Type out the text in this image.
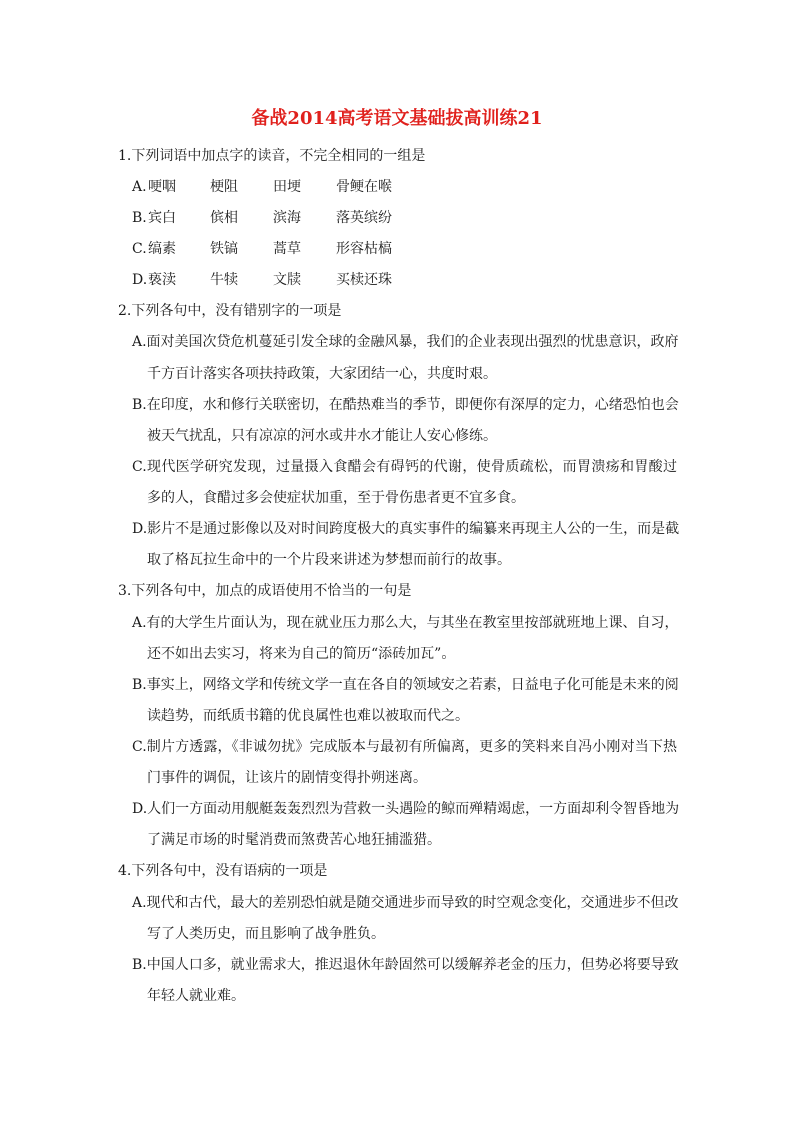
备战2014高考语文基础拔高训练21
1.下列词语中加点字的读音，不完全相同的一组是
A. 哽咽 梗阻	田埂	骨鲠在喉
B. 宾白 傧相	滨海	落英缤纷
C. 缟素 铁镐	蒿草	形容枯槁
D. 亵渎 牛犊	文牍	买椟还珠
2.下列各句中，没有错别字的一项是
A.面对美国次贷危机蔓延引发全球的金融风暴，我们的企业表现出强烈的忧患意识，政府
千方百计落实各项扶持政策，大家团结一心，共度时艰。
B.在印度，水和修行关联密切，在酷热难当的季节，即便你有深厚的定力，心绪恐怕也会
被天气扰乱，只有凉凉的河水或井水才能让人安心修练。
C.现代医学研究发现，过量摄入食醋会有碍钙的代谢，使骨质疏松，而胃溃疡和胃酸过
多的人，食醋过多会使症状加重，至于骨伤患者更不宜多食。
D.影片不是通过影像以及对时间跨度极大的真实事件的编纂来再现主人公的一生，而是截
取了格瓦拉生命中的一个片段来讲述为梦想而前行的故事。
3.下列各句中，加点的成语使用不恰当的一句是
A.有的大学生片面认为，现在就业压力那么大，与其坐在教室里按部就班地上课、自习，
还不如出去实习，将来为自己的简历“添砖加瓦”。
B.事实上，网络文学和传统文学一直在各自的领域安之若素，日益电子化可能是未来的阅
读趋势，而纸质书籍的优良属性也难以被取而代之。
C.制片方透露，《非诚勿扰》完成版本与最初有所偏离，更多的笑料来自冯小刚对当下热
门事件的调侃，让该片的剧情变得扑朔迷离。
D.人们一方面动用舰艇轰轰烈烈为营救一头遇险的鲸而殚精竭虑，一方面却利令智昏地为
了满足市场的时髦消费而煞费苦心地狂捕滥猎。
4.下列各句中，没有语病的一项是
A.现代和古代，最大的差别恐怕就是随交通进步而导致的时空观念变化，交通进步不但改
写了人类历史，而且影响了战争胜负。
B.中国人口多，就业需求大，推迟退休年龄固然可以缓解养老金的压力，但势必将要导致
年轻人就业难。
